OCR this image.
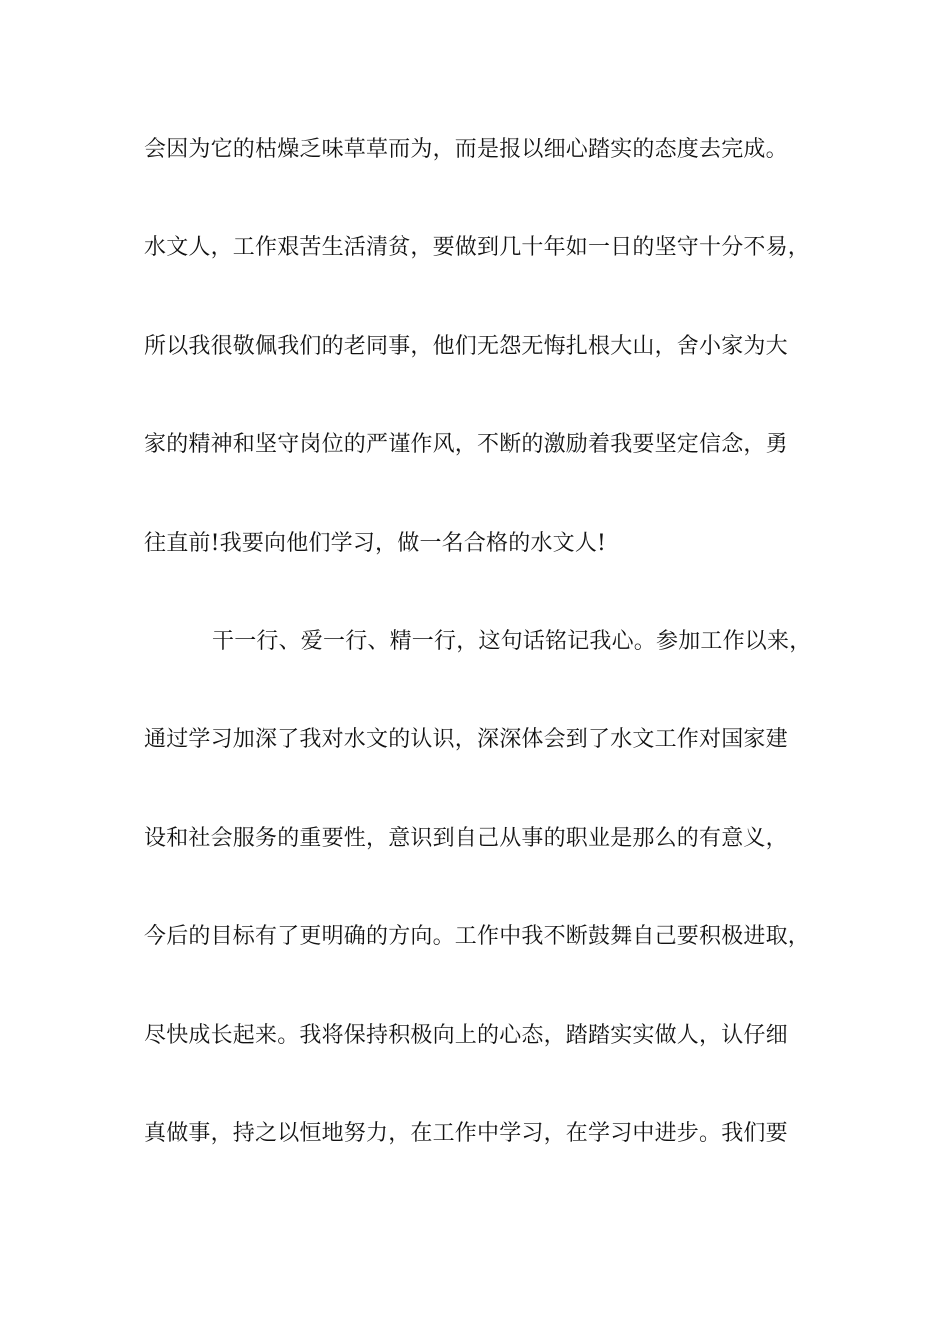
会因为它的枯燥乏味草草而为，而是报以细心踏实的态度去完成。
水文人，工作艰苦生活清贫，要做到几十年如一日的坚守十分不易，
所以我很敬佩我们的老同事，他们无怨无悔扎根大山，舍小家为大
家的精神和坚守岗位的严谨作风，不断的激励着我要坚定信念，勇
往直前!我要向他们学习，做一名合格的水文人!
干一行、爱一行、精一行，这句话铭记我心。参加工作以来，
通过学习加深了我对水文的认识，深深体会到了水文工作对国家建
设和社会服务的重要性，意识到自己从事的职业是那么的有意义，
今后的目标有了更明确的方向。工作中我不断鼓舞自己要积极进取，
尽快成长起来。我将保持积极向上的心态，踏踏实实做人，认仔细
真做事，持之以恒地努力，在工作中学习，在学习中进步。我们要
